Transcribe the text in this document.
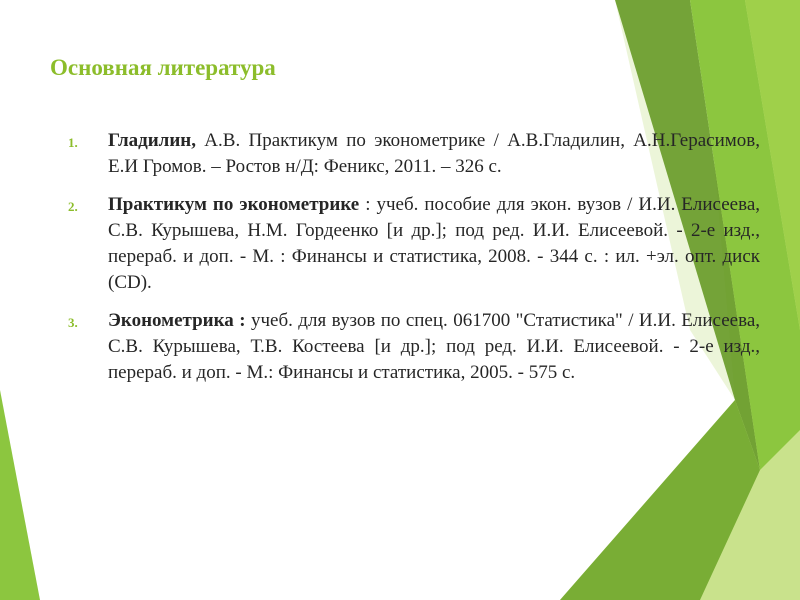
Основная литература
1. Гладилин, А.В. Практикум по эконометрике / А.В.Гладилин, А.Н.Герасимов, Е.И Громов. – Ростов н/Д: Феникс, 2011. – 326 с.
2. Практикум по эконометрике : учеб. пособие для экон. вузов / И.И. Елисеева, С.В. Курышева, Н.М. Гордеенко [и др.]; под ред. И.И. Елисеевой. - 2-е изд., перераб. и доп. - М. : Финансы и статистика, 2008. - 344 с. : ил. +эл. опт. диск (CD).
3. Эконометрика : учеб. для вузов по спец. 061700 "Статистика" / И.И. Елисеева, С.В. Курышева, Т.В. Костеева [и др.]; под ред. И.И. Елисеевой. - 2-е изд., перераб. и доп. - М.: Финансы и статистика, 2005. - 575 с.
